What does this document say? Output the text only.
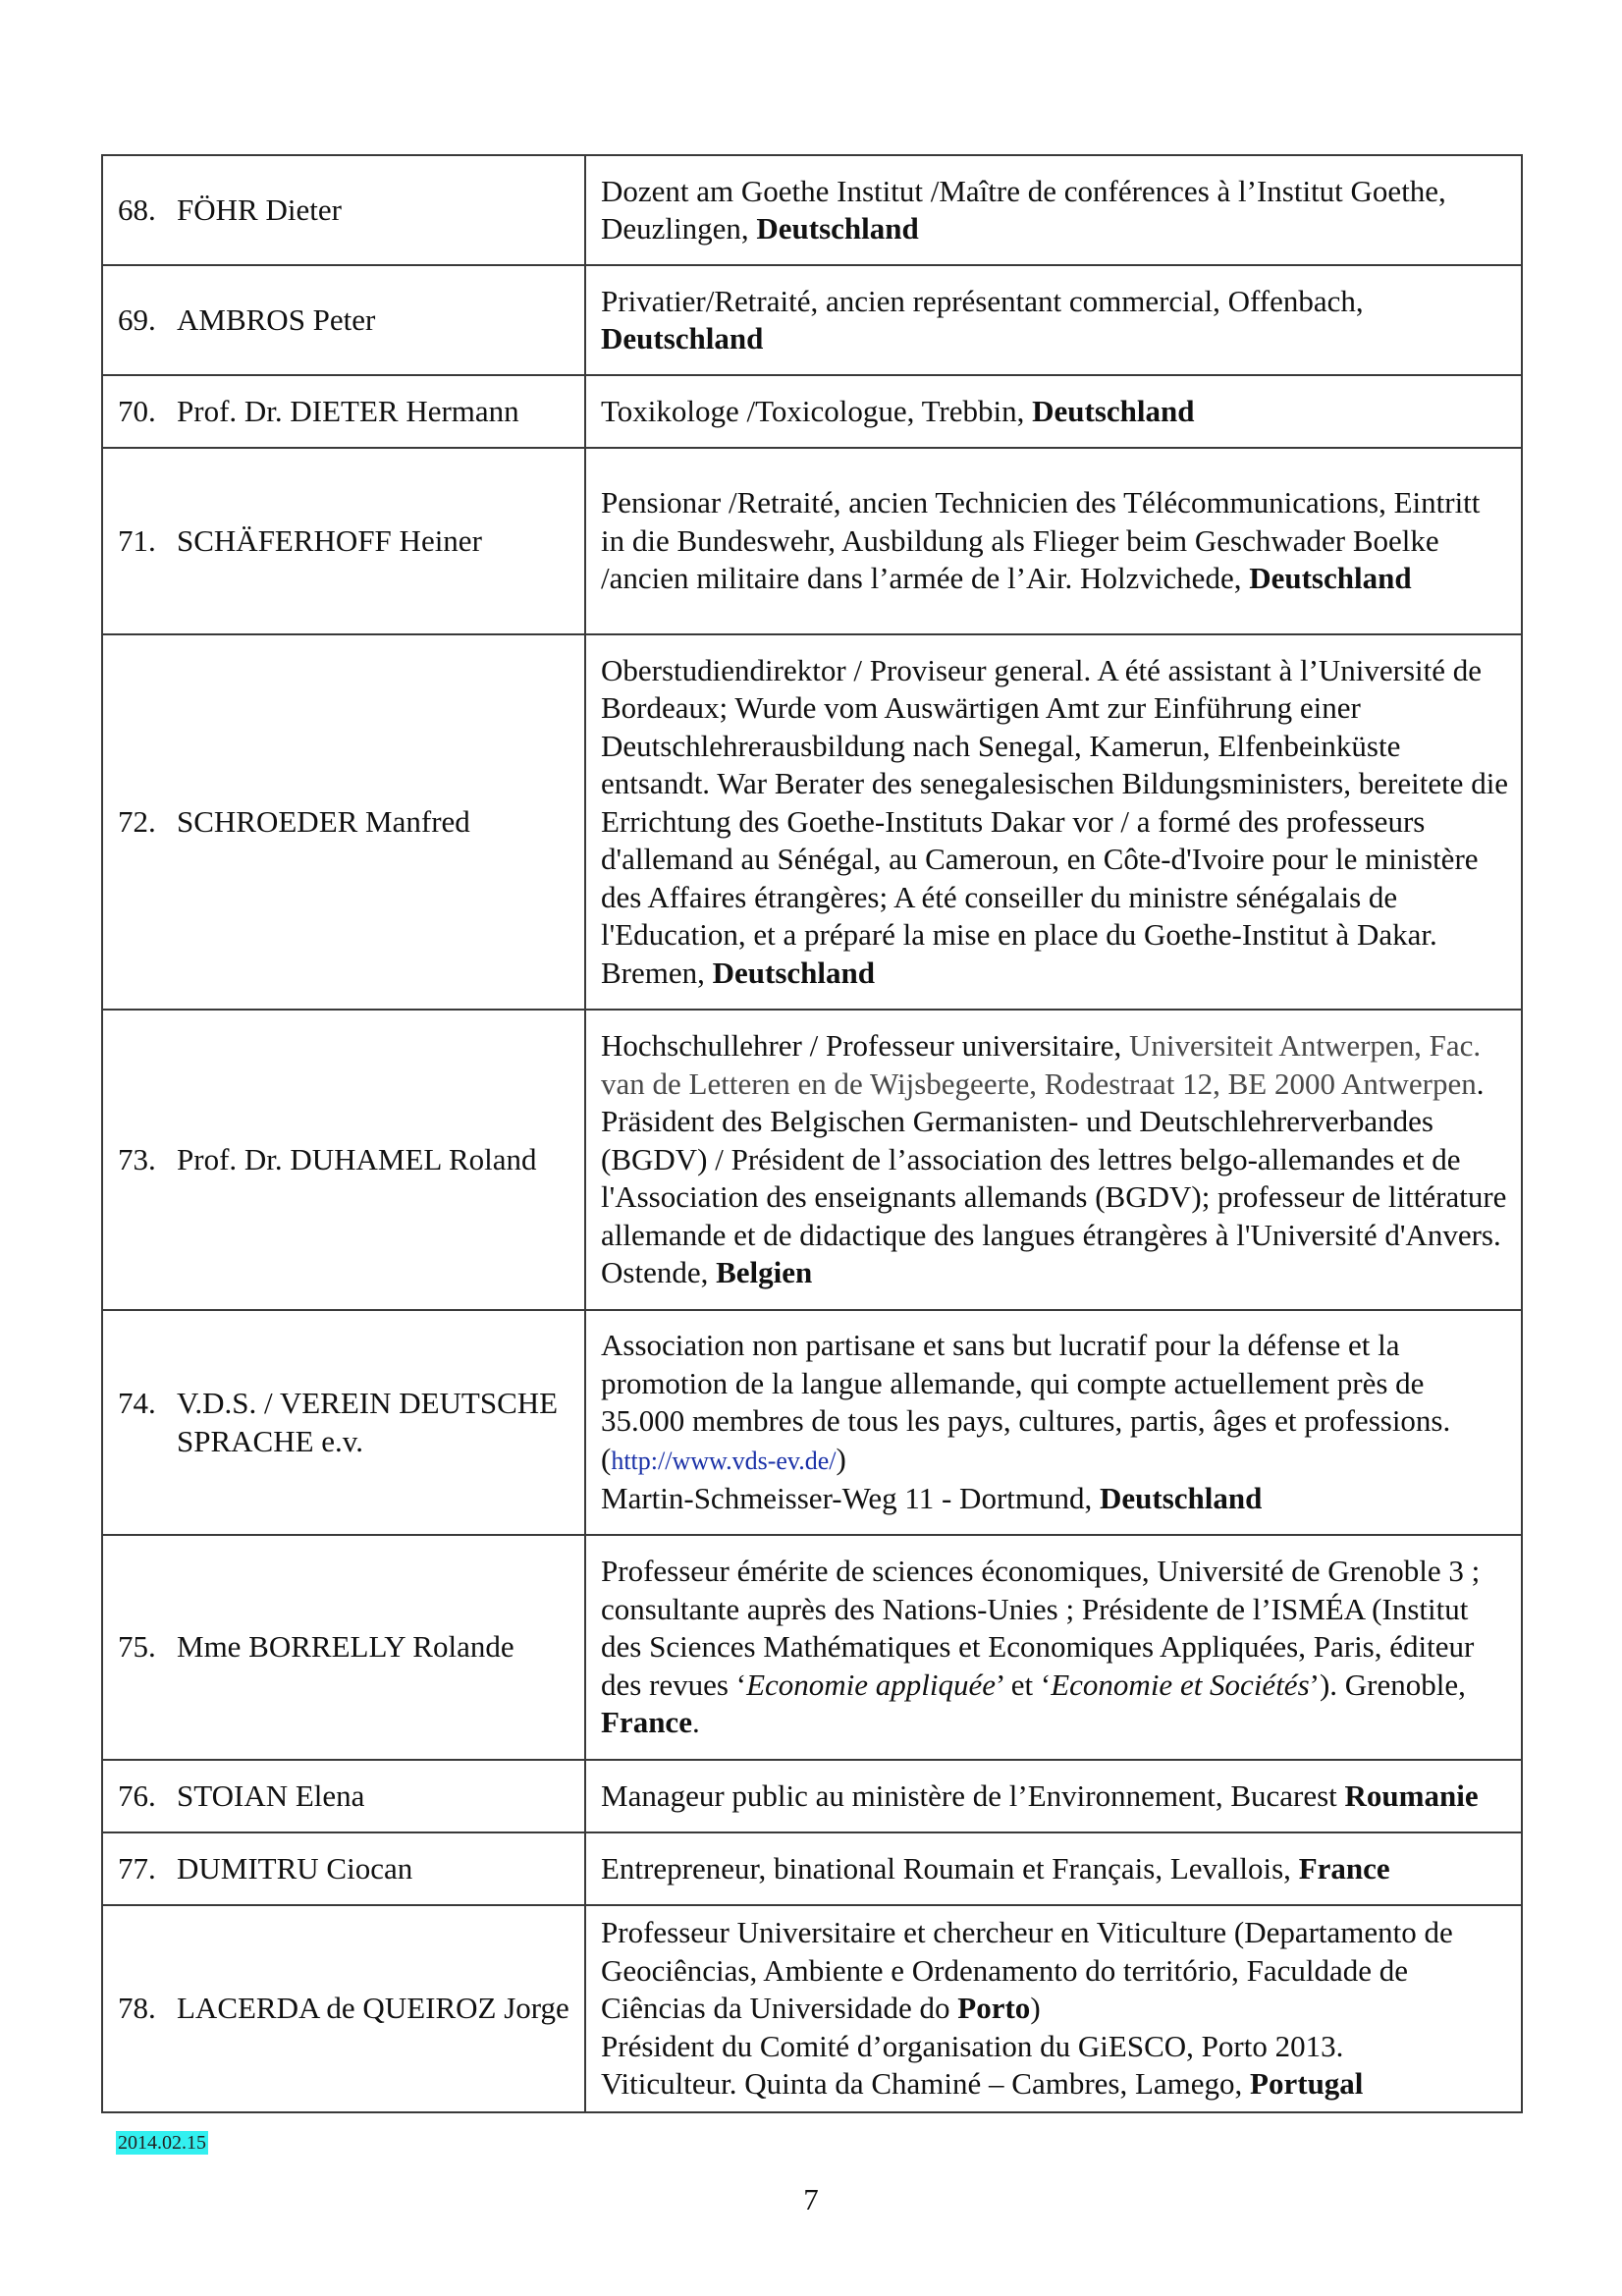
68. FÖHR Dieter	Dozent am Goethe Institut /Maître de conférences à l’Institut Goethe, Deuzlingen, Deutschland

69. AMBROS Peter	Privatier/Retraité, ancien représentant commercial, Offenbach, Deutschland

70. Prof. Dr. DIETER Hermann	Toxikologe /Toxicologue, Trebbin, Deutschland

71. SCHÄFERHOFF Heiner	Pensionar /Retraité, ancien Technicien des Télécommunications, Eintritt in die Bundeswehr, Ausbildung als Flieger beim Geschwader Boelke /ancien militaire dans l’armée de l’Air. Holzvichede, Deutschland

72. SCHROEDER Manfred	Oberstudiendirektor / Proviseur general. A été assistant à l’Université de Bordeaux; Wurde vom Auswärtigen Amt zur Einführung einer Deutschlehrerausbildung nach Senegal, Kamerun, Elfenbeinküste entsandt. War Berater des senegalesischen Bildungsministers, bereitete die Errichtung des Goethe-Instituts Dakar vor / a formé des professeurs d'allemand au Sénégal, au Cameroun, en Côte-d'Ivoire pour le ministère des Affaires étrangères; A été conseiller du ministre sénégalais de l'Education, et a préparé la mise en place du Goethe-Institut à Dakar. Bremen, Deutschland

73. Prof. Dr. DUHAMEL Roland	Hochschullehrer / Professeur universitaire, Universiteit Antwerpen, Fac. van de Letteren en de Wijsbegeerte, Rodestraat 12, BE 2000 Antwerpen. Präsident des Belgischen Germanisten- und Deutschlehrerverbandes (BGDV) / Président de l’association des lettres belgo-allemandes et de l'Association des enseignants allemands (BGDV); professeur de littérature allemande et de didactique des langues étrangères à l'Université d'Anvers. Ostende, Belgien

74. V.D.S. / VEREIN DEUTSCHE SPRACHE e.v.	Association non partisane et sans but lucratif pour la défense et la promotion de la langue allemande, qui compte actuellement près de 35.000 membres de tous les pays, cultures, partis, âges et professions. (http://www.vds-ev.de/)
Martin-Schmeisser-Weg 11 - Dortmund, Deutschland

75. Mme BORRELLY Rolande	Professeur émérite de sciences économiques, Université de Grenoble 3 ; consultante auprès des Nations-Unies ; Présidente de l’ISMÉA (Institut des Sciences Mathématiques et Economiques Appliquées, Paris, éditeur des revues ‘Economie appliquée’ et ‘Economie et Sociétés’). Grenoble, France.

76. STOIAN Elena	Manageur public au ministère de l’Environnement, Bucarest Roumanie

77. DUMITRU Ciocan	Entrepreneur, binational Roumain et Français, Levallois, France

78. LACERDA de QUEIROZ Jorge	Professeur Universitaire et chercheur en Viticulture (Departamento de Geociências, Ambiente e Ordenamento do território, Faculdade de Ciências da Universidade do Porto)
Président du Comité d’organisation du GiESCO, Porto 2013.
Viticulteur. Quinta da Chaminé – Cambres, Lamego, Portugal
2014.02.15
7
